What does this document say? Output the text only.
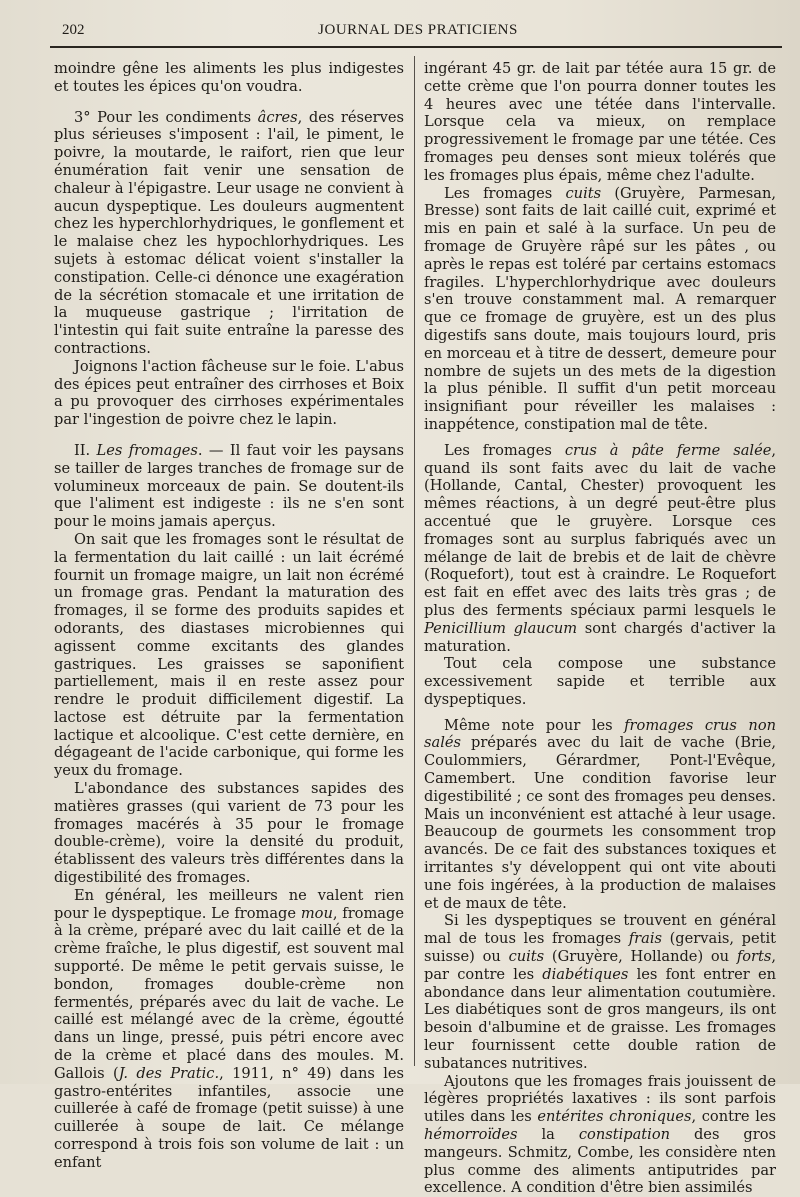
202	JOURNAL DES PRATICIENS

moindre gêne les aliments les plus indigestes et toutes les épices qu'on voudra.

3° Pour les condiments âcres, des réserves plus sérieuses s'imposent : l'ail, le piment, le poivre, la moutarde, le raifort, rien que leur énumération fait venir une sensation de chaleur à l'épigastre. Leur usage ne convient à aucun dyspeptique. Les douleurs augmentent chez les hyperchlorhydriques, le gonflement et le malaise chez les hypochlorhydriques. Les sujets à estomac délicat voient s'installer la constipation. Celle-ci dénonce une exagération de la sécrétion stomacale et une irritation de la muqueuse gastrique ; l'irritation de l'intestin qui fait suite entraîne la paresse des contractions.

Joignons l'action fâcheuse sur le foie. L'abus des épices peut entraîner des cirrhoses et Boix a pu provoquer des cirrhoses expérimentales par l'ingestion de poivre chez le lapin.

II. Les fromages. — Il faut voir les paysans se tailler de larges tranches de fromage sur de volumineux morceaux de pain. Se doutent-ils que l'aliment est indigeste : ils ne s'en sont pour le moins jamais aperçus.

On sait que les fromages sont le résultat de la fermentation du lait caillé : un lait écrémé fournit un fromage maigre, un lait non écrémé un fromage gras. Pendant la maturation des fromages, il se forme des produits sapides et odorants, des diastases microbiennes qui agissent comme excitants des glandes gastriques. Les graisses se saponifient partiellement, mais il en reste assez pour rendre le produit difficilement digestif. La lactose est détruite par la fermentation lactique et alcoolique. C'est cette dernière, en dégageant de l'acide carbonique, qui forme les yeux du fromage.

L'abondance des substances sapides des matières grasses (qui varient de 73 pour les fromages macérés à 35 pour le fromage double-crème), voire la densité du produit, établissent des valeurs très différentes dans la digestibilité des fromages.

En général, les meilleurs ne valent rien pour le dyspeptique. Le fromage mou, fromage à la crème, préparé avec du lait caillé et de la crème fraîche, le plus digestif, est souvent mal supporté. De même le petit gervais suisse, le bondon, fromages double-crème non fermentés, préparés avec du lait de vache. Le caillé est mélangé avec de la crème, égoutté dans un linge, pressé, puis pétri encore avec de la crème et placé dans des moules. M. Gallois (J. des Pratic., 1911, n° 49) dans les gastro-entérites infantiles, associe une cuillerée à café de fromage (petit suisse) à une cuillerée à soupe de lait. Ce mélange correspond à trois fois son volume de lait : un enfant

ingérant 45 gr. de lait par tétée aura 15 gr. de cette crème que l'on pourra donner toutes les 4 heures avec une tétée dans l'intervalle. Lorsque cela va mieux, on remplace progressivement le fromage par une tétée. Ces fromages peu denses sont mieux tolérés que les fromages plus épais, même chez l'adulte.

Les fromages cuits (Gruyère, Parmesan, Bresse) sont faits de lait caillé cuit, exprimé et mis en pain et salé à la surface. Un peu de fromage de Gruyère râpé sur les pâtes , ou après le repas est toléré par certains estomacs fragiles. L'hyperchlorhydrique avec douleurs s'en trouve constamment mal. A remarquer que ce fromage de gruyère, est un des plus digestifs sans doute, mais toujours lourd, pris en morceau et à titre de dessert, demeure pour nombre de sujets un des mets de la digestion la plus pénible. Il suffit d'un petit morceau insignifiant pour réveiller les malaises : inappétence, constipation mal de tête.

Les fromages crus à pâte ferme salée, quand ils sont faits avec du lait de vache (Hollande, Cantal, Chester) provoquent les mêmes réactions, à un degré peut-être plus accentué que le gruyère. Lorsque ces fromages sont au surplus fabriqués avec un mélange de lait de brebis et de lait de chèvre (Roquefort), tout est à craindre. Le Roquefort est fait en effet avec des laits très gras ; de plus des ferments spéciaux parmi lesquels le Penicillium glaucum sont chargés d'activer la maturation.

Tout cela compose une substance excessivement sapide et terrible aux dyspeptiques.

Même note pour les fromages crus non salés préparés avec du lait de vache (Brie, Coulommiers, Gérardmer, Pont-l'Evêque, Camembert. Une condition favorise leur digestibilité ; ce sont des fromages peu denses. Mais un inconvénient est attaché à leur usage. Beaucoup de gourmets les consomment trop avancés. De ce fait des substances toxiques et irritantes s'y développent qui ont vite abouti une fois ingérées, à la production de malaises et de maux de tête.

Si les dyspeptiques se trouvent en général mal de tous les fromages frais (gervais, petit suisse) ou cuits (Gruyère, Hollande) ou forts, par contre les diabétiques les font entrer en abondance dans leur alimentation coutumière. Les diabétiques sont de gros mangeurs, ils ont besoin d'albumine et de graisse. Les fromages leur fournissent cette double ration de subatances nutritives.

Ajoutons que les fromages frais jouissent de légères propriétés laxatives : ils sont parfois utiles dans les entérites chroniques, contre les hémorroïdes la constipation des gros mangeurs. Schmitz, Combe, les considère nten plus comme des aliments antiputrides par excellence. A condition d'être bien assimilés
